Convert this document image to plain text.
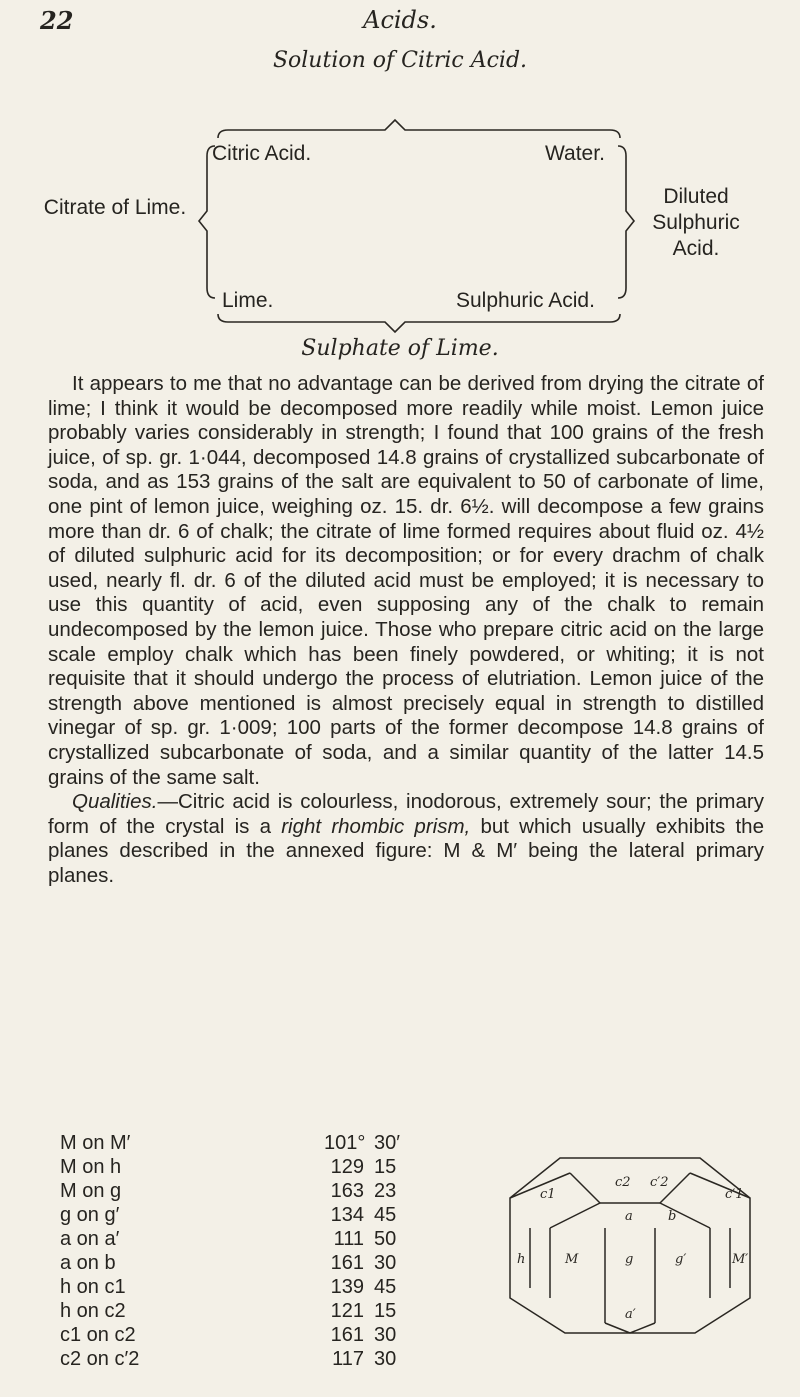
22	Acids.
Solution of Citric Acid.
Citric Acid.	Water.
Lime.	Sulphuric Acid.
Citrate of Lime.	Diluted Sulphuric Acid.
Sulphate of Lime.

It appears to me that no advantage can be derived from drying the citrate of lime; I think it would be decomposed more readily while moist. Lemon juice probably varies considerably in strength; I found that 100 grains of the fresh juice, of sp. gr. 1·044, decomposed 14.8 grains of crystallized subcarbonate of soda, and as 153 grains of the salt are equivalent to 50 of carbonate of lime, one pint of lemon juice, weighing oz. 15. dr. 6½. will decompose a few grains more than dr. 6 of chalk; the citrate of lime formed requires about fluid oz. 4½ of diluted sulphuric acid for its decomposition; or for every drachm of chalk used, nearly fl. dr. 6 of the diluted acid must be employed; it is necessary to use this quantity of acid, even supposing any of the chalk to remain undecomposed by the lemon juice. Those who prepare citric acid on the large scale employ chalk which has been finely powdered, or whiting; it is not requisite that it should undergo the process of elutriation. Lemon juice of the strength above mentioned is almost precisely equal in strength to distilled vinegar of sp. gr. 1·009; 100 parts of the former decompose 14.8 grains of crystallized subcarbonate of soda, and a similar quantity of the latter 14.5 grains of the same salt.

Qualities.—Citric acid is colourless, inodorous, extremely sour; the primary form of the crystal is a right rhombic prism, but which usually exhibits the planes described in the annexed figure: M & M′ being the lateral primary planes.

M on M′	101° 30′
M on h	129 15
M on g	163 23
g on g′	134 45
a on a′	111 50
a on b	161 30
h on c1	139 45
h on c2	121 15
c1 on c2	161 30
c2 on c′2	117 30
c2 c′2
c1	c′1
a	b
h	M	g	g′	M′
a′
